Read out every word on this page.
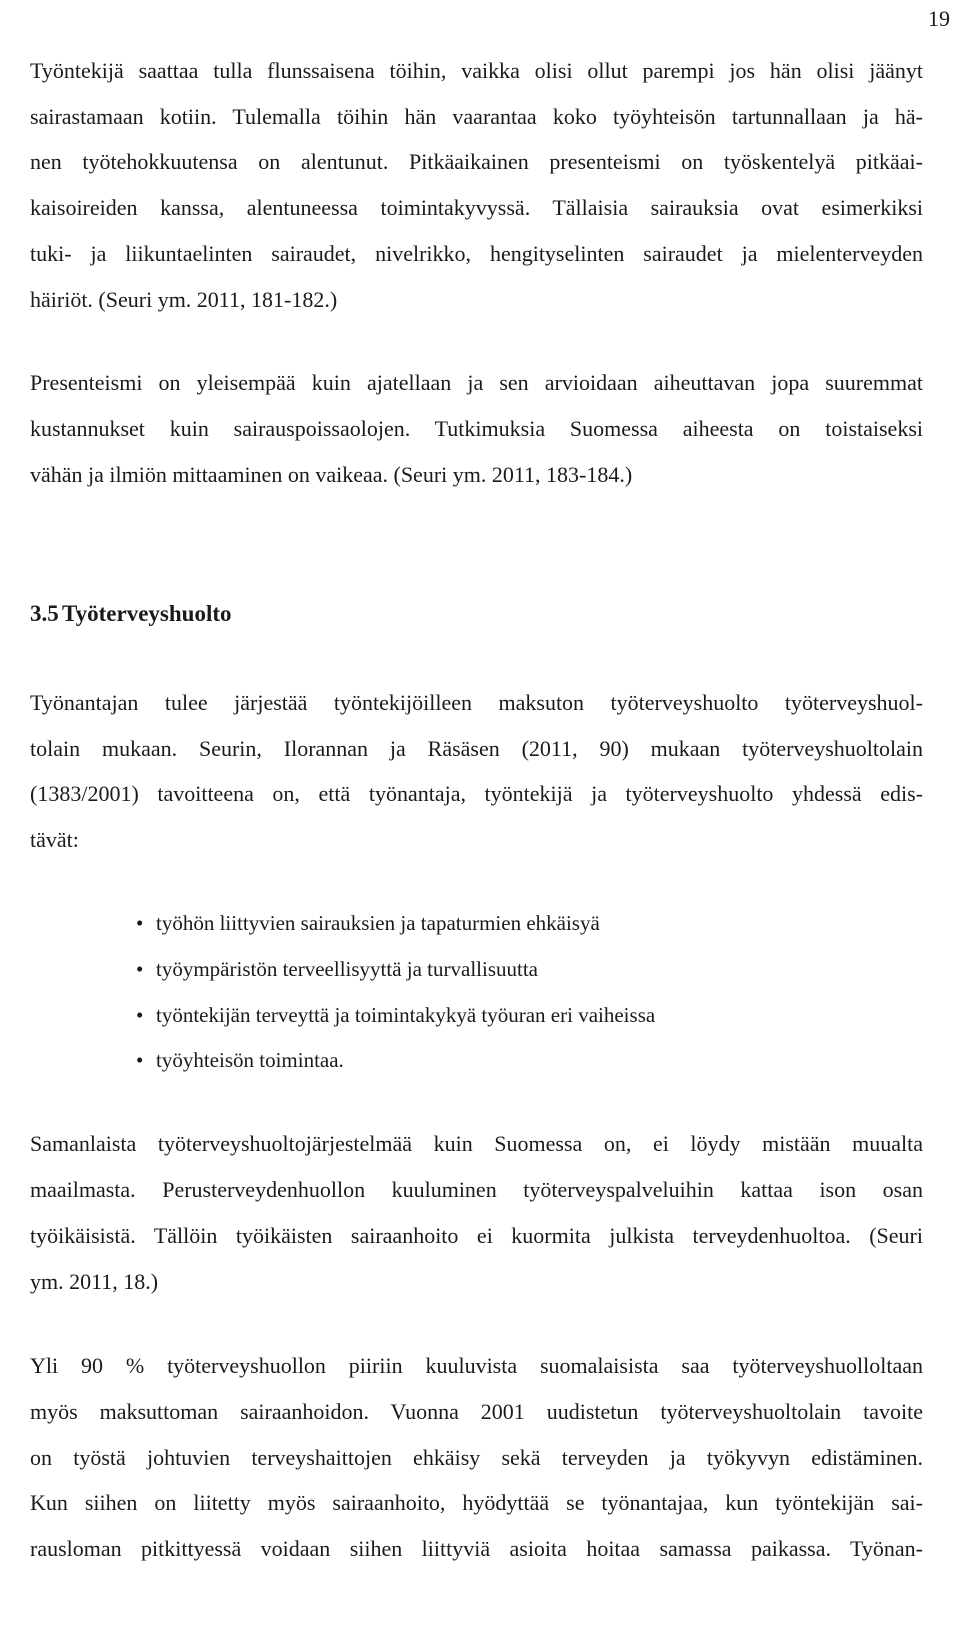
19
Työntekijä saattaa tulla flunssaisena töihin, vaikka olisi ollut parempi jos hän olisi jäänyt
sairastamaan kotiin. Tulemalla töihin hän vaarantaa koko työyhteisön tartunnallaan ja hä-
nen työtehokkuutensa on alentunut. Pitkäaikainen presenteismi on työskentelyä pitkäai-
kaisoireiden kanssa, alentuneessa toimintakyvyssä. Tällaisia sairauksia ovat esimerkiksi
tuki- ja liikuntaelinten sairaudet, nivelrikko, hengityselinten sairaudet ja mielenterveyden
häiriöt. (Seuri ym. 2011, 181-182.)
Presenteismi on yleisempää kuin ajatellaan ja sen arvioidaan aiheuttavan jopa suuremmat
kustannukset kuin sairauspoissaolojen. Tutkimuksia Suomessa aiheesta on toistaiseksi
vähän ja ilmiön mittaaminen on vaikeaa. (Seuri ym. 2011, 183-184.)
3.5 Työterveyshuolto
Työnantajan tulee järjestää työntekijöilleen maksuton työterveyshuolto työterveyshuol-
tolain mukaan. Seurin, Ilorannan ja Räsäsen (2011, 90) mukaan työterveyshuoltolain
(1383/2001) tavoitteena on, että työnantaja, työntekijä ja työterveyshuolto yhdessä edis-
tävät:
• työhön liittyvien sairauksien ja tapaturmien ehkäisyä
• työympäristön terveellisyyttä ja turvallisuutta
• työntekijän terveyttä ja toimintakykyä työuran eri vaiheissa
• työyhteisön toimintaa.
Samanlaista työterveyshuoltojärjestelmää kuin Suomessa on, ei löydy mistään muualta
maailmasta. Perusterveydenhuollon kuuluminen työterveyspalveluihin kattaa ison osan
työikäisistä. Tällöin työikäisten sairaanhoito ei kuormita julkista terveydenhuoltoa. (Seuri
ym. 2011, 18.)
Yli 90 % työterveyshuollon piiriin kuuluvista suomalaisista saa työterveyshuolloltaan
myös maksuttoman sairaanhoidon. Vuonna 2001 uudistetun työterveyshuoltolain tavoite
on työstä johtuvien terveyshaittojen ehkäisy sekä terveyden ja työkyvyn edistäminen.
Kun siihen on liitetty myös sairaanhoito, hyödyttää se työnantajaa, kun työntekijän sai-
rausloman pitkittyessä voidaan siihen liittyviä asioita hoitaa samassa paikassa. Työnan-
